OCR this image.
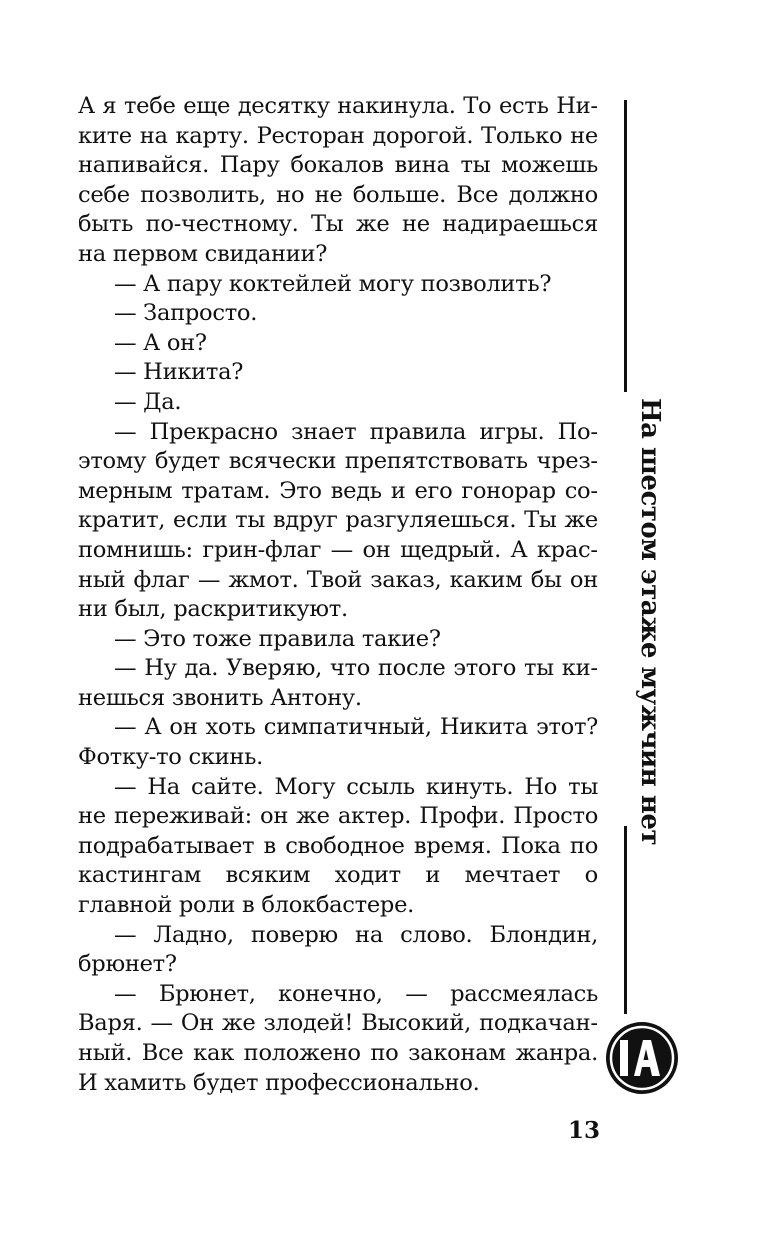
А я тебе еще десятку накинула. То есть Никите на карту. Ресторан дорогой. Только не напивайся. Пару бокалов вина ты можешь себе позволить, но не больше. Все должно быть по-честному. Ты же не надираешься на первом свидании?

— А пару коктейлей могу позволить?

— Запросто.

— А он?

— Никита?

— Да.

— Прекрасно знает правила игры. Поэтому будет всячески препятствовать чрезмерным тратам. Это ведь и его гонорар сократит, если ты вдруг разгуляешься. Ты же помнишь: грин-флаг — он щедрый. А красный флаг — жмот. Твой заказ, каким бы он ни был, раскритикуют.

— Это тоже правила такие?

— Ну да. Уверяю, что после этого ты кинешься звонить Антону.

— А он хоть симпатичный, Никита этот? Фотку-то скинь.

— На сайте. Могу ссыль кинуть. Но ты не переживай: он же актер. Профи. Просто подрабатывает в свободное время. Пока по кастингам всяким ходит и мечтает о главной роли в блокбастере.

— Ладно, поверю на слово. Блондин, брюнет?

— Брюнет, конечно, — рассмеялась Варя. — Он же злодей! Высокий, подкачанный. Все как положено по законам жанра. И хамить будет профессионально.

13
На шестом этаже мужчин нет
